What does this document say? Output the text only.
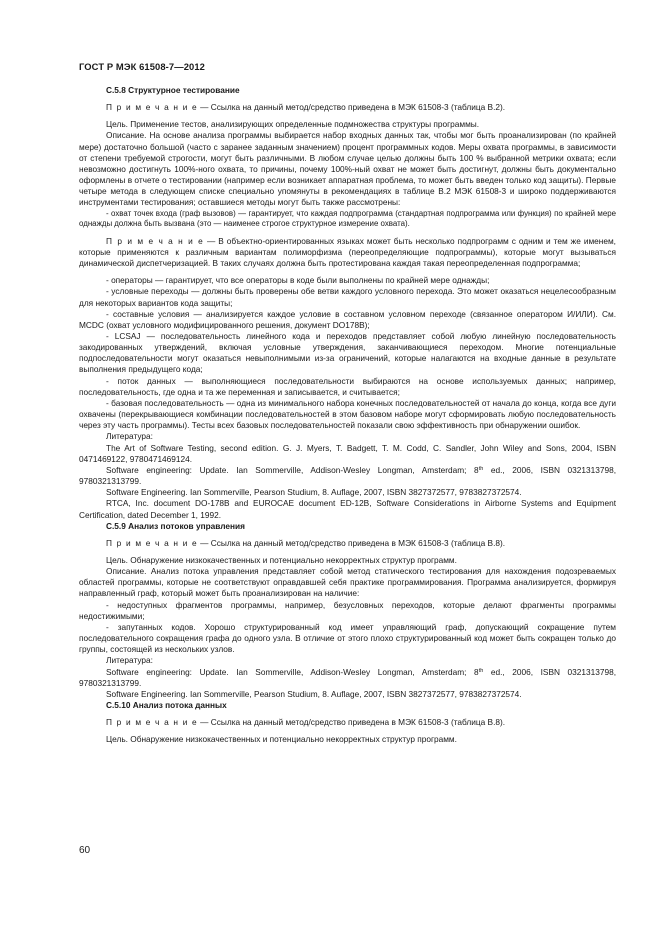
ГОСТ Р МЭК 61508-7—2012

С.5.8 Структурное тестирование

П р и м е ч а н и е — Ссылка на данный метод/средство приведена в МЭК 61508-3 (таблица В.2).

Цель. Применение тестов, анализирующих определенные подмножества структуры программы.

Описание. На основе анализа программы выбирается набор входных данных так, чтобы мог быть проанализирован (по крайней мере) достаточно большой (часто с заранее заданным значением) процент программных кодов. Меры охвата программы, в зависимости от степени требуемой строгости, могут быть различными. В любом случае целью должны быть 100 % выбранной метрики охвата; если невозможно достигнуть 100%-ного охвата, то причины, почему 100%-ный охват не может быть достигнут, должны быть документально оформлены в отчете о тестировании (например если возникает аппаратная проблема, то может быть введен только код защиты). Первые четыре метода в следующем списке специально упомянуты в рекомендациях в таблице В.2 МЭК 61508-3 и широко поддерживаются инструментами тестирования; оставшиеся методы могут быть также рассмотрены:

- охват точек входа (граф вызовов) — гарантирует, что каждая подпрограмма (стандартная подпрограмма или функция) по крайней мере однажды должна быть вызвана (это — наименее строгое структурное измерение охвата).

П р и м е ч а н и е — В объектно-ориентированных языках может быть несколько подпрограмм с одним и тем же именем, которые применяются к различным вариантам полиморфизма (переопределяющие подпрограммы), которые могут вызываться динамической диспетчеризацией. В таких случаях должна быть протестирована каждая такая переопределенная подпрограмма;

- операторы — гарантирует, что все операторы в коде были выполнены по крайней мере однажды;

- условные переходы — должны быть проверены обе ветви каждого условного перехода. Это может оказаться нецелесообразным для некоторых вариантов кода защиты;

- составные условия — анализируется каждое условие в составном условном переходе (связанное оператором И/ИЛИ). См. MCDC (охват условного модифицированного решения, документ DO178B);

- LCSAJ — последовательность линейного кода и переходов представляет собой любую линейную последовательность закодированных утверждений, включая условные утверждения, заканчивающиеся переходом. Многие потенциальные подпоследовательности могут оказаться невыполнимыми из-за ограничений, которые налагаются на входные данные в результате выполнения предыдущего кода;

- поток данных — выполняющиеся последовательности выбираются на основе используемых данных; например, последовательность, где одна и та же переменная и записывается, и считывается;

- базовая последовательность — одна из минимального набора конечных последовательностей от начала до конца, когда все дуги охвачены (перекрывающиеся комбинации последовательностей в этом базовом наборе могут сформировать любую последовательность через эту часть программы). Тесты всех базовых последовательностей показали свою эффективность при обнаружении ошибок.

Литература:

The Art of Software Testing, second edition. G. J. Myers, T. Badgett, T. M. Codd, C. Sandler, John Wiley and Sons, 2004, ISBN 0471469122, 9780471469124.

Software engineering: Update. Ian Sommerville, Addison-Wesley Longman, Amsterdam; 8th ed., 2006, ISBN 0321313798, 9780321313799.

Software Engineering. Ian Sommerville, Pearson Studium, 8. Auflage, 2007, ISBN 3827372577, 9783827372574.

RTCA, Inc. document DO-178B and EUROCAE document ED-12B, Software Considerations in Airborne Systems and Equipment Certification, dated December 1, 1992.

С.5.9 Анализ потоков управления

П р и м е ч а н и е — Ссылка на данный метод/средство приведена в МЭК 61508-3 (таблица В.8).

Цель. Обнаружение низкокачественных и потенциально некорректных структур программ.

Описание. Анализ потока управления представляет собой метод статического тестирования для нахождения подозреваемых областей программы, которые не соответствуют оправдавшей себя практике программирования. Программа анализируется, формируя направленный граф, который может быть проанализирован на наличие:

- недоступных фрагментов программы, например, безусловных переходов, которые делают фрагменты программы недостижимыми;

- запутанных кодов. Хорошо структурированный код имеет управляющий граф, допускающий сокращение путем последовательного сокращения графа до одного узла. В отличие от этого плохо структурированный код может быть сокращен только до группы, состоящей из нескольких узлов.

Литература:

Software engineering: Update. Ian Sommerville, Addison-Wesley Longman, Amsterdam; 8th ed., 2006, ISBN 0321313798, 9780321313799.

Software Engineering. Ian Sommerville, Pearson Studium, 8. Auflage, 2007, ISBN 3827372577, 9783827372574.

С.5.10 Анализ потока данных

П р и м е ч а н и е — Ссылка на данный метод/средство приведена в МЭК 61508-3 (таблица В.8).

Цель. Обнаружение низкокачественных и потенциально некорректных структур программ.

60
